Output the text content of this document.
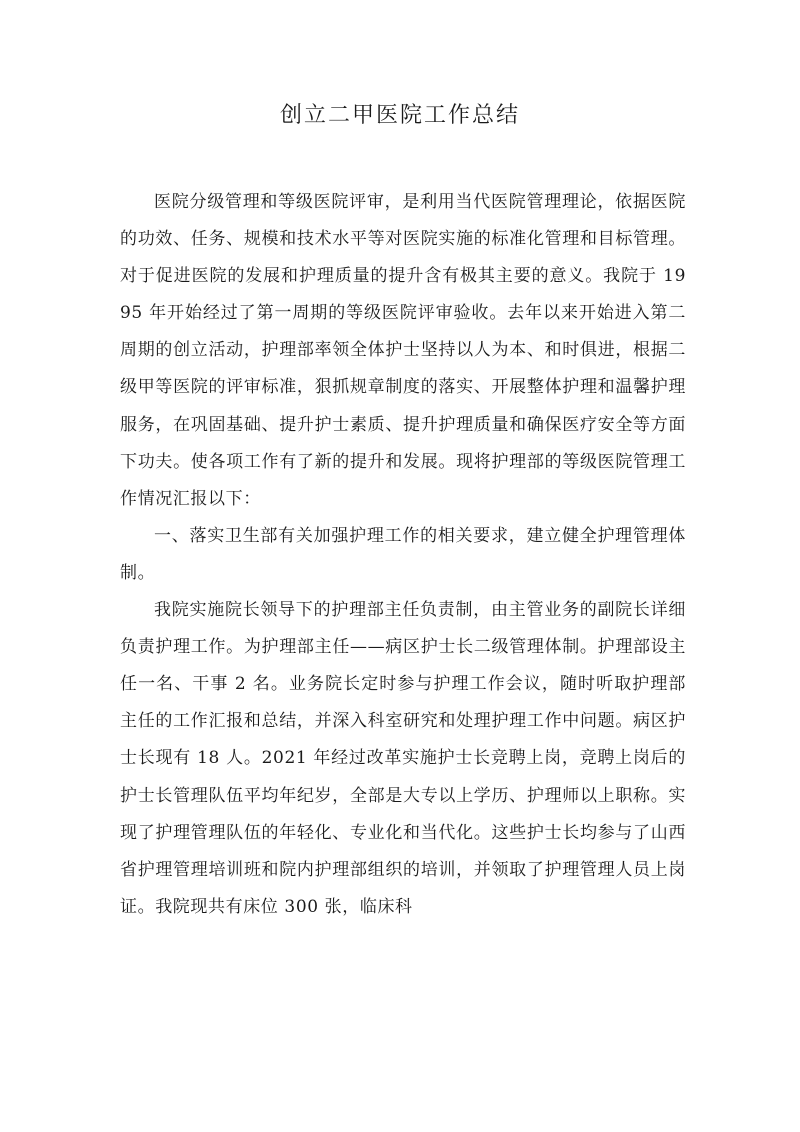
创立二甲医院工作总结

医院分级管理和等级医院评审，是利用当代医院管理理论，依据医院的功效、任务、规模和技术水平等对医院实施的标准化管理和目标管理。对于促进医院的发展和护理质量的提升含有极其主要的意义。我院于 1995 年开始经过了第一周期的等级医院评审验收。去年以来开始进入第二周期的创立活动，护理部率领全体护士坚持以人为本、和时俱进，根据二级甲等医院的评审标准，狠抓规章制度的落实、开展整体护理和温馨护理服务，在巩固基础、提升护士素质、提升护理质量和确保医疗安全等方面下功夫。使各项工作有了新的提升和发展。现将护理部的等级医院管理工作情况汇报以下：

一、落实卫生部有关加强护理工作的相关要求，建立健全护理管理体制。

我院实施院长领导下的护理部主任负责制，由主管业务的副院长详细负责护理工作。为护理部主任——病区护士长二级管理体制。护理部设主任一名、干事 2 名。业务院长定时参与护理工作会议，随时听取护理部主任的工作汇报和总结，并深入科室研究和处理护理工作中问题。病区护士长现有 18 人。2021 年经过改革实施护士长竞聘上岗，竞聘上岗后的护士长管理队伍平均年纪岁，全部是大专以上学历、护理师以上职称。实现了护理管理队伍的年轻化、专业化和当代化。这些护士长均参与了山西省护理管理培训班和院内护理部组织的培训，并领取了护理管理人员上岗证。我院现共有床位 300 张，临床科
